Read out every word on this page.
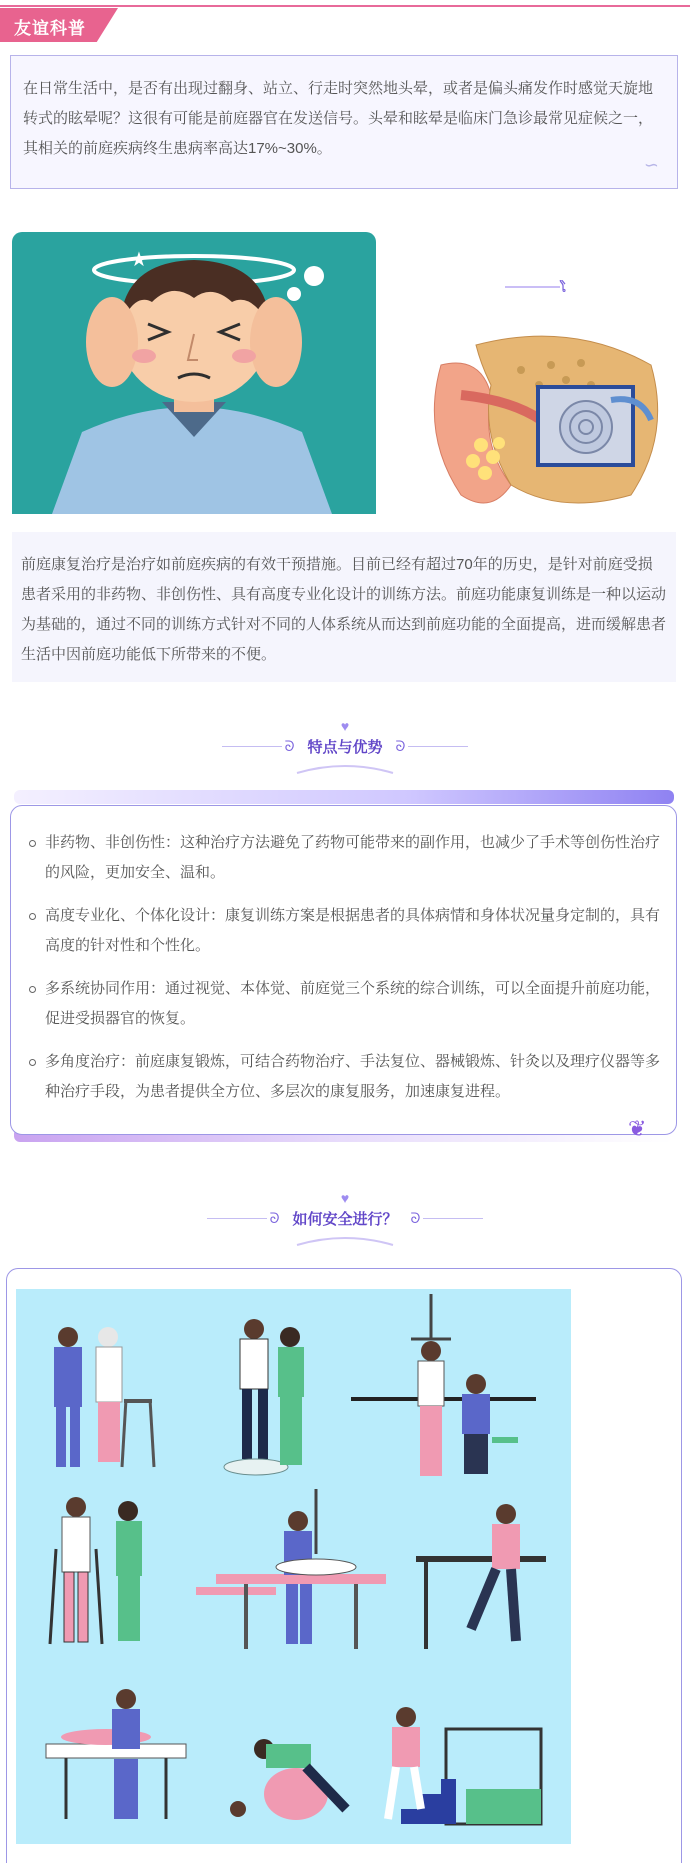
友谊科普
在日常生活中，是否有出现过翻身、站立、行走时突然地头晕，或者是偏头痛发作时感觉天旋地转式的眩晕呢？这很有可能是前庭器官在发送信号。头晕和眩晕是临床门急诊最常见症候之一，其相关的前庭疾病终生患病率高达17%~30%。
∽
★
ໂ
前庭康复治疗是治疗如前庭疾病的有效干预措施。目前已经有超过70年的历史，是针对前庭受损患者采用的非药物、非创伤性、具有高度专业化设计的训练方法。前庭功能康复训练是一种以运动为基础的，通过不同的训练方式针对不同的人体系统从而达到前庭功能的全面提高，进而缓解患者生活中因前庭功能低下所带来的不便。
♥
ᘐ 特点与优势 ᘐ
非药物、非创伤性：这种治疗方法避免了药物可能带来的副作用，也减少了手术等创伤性治疗的风险，更加安全、温和。
高度专业化、个体化设计：康复训练方案是根据患者的具体病情和身体状况量身定制的，具有高度的针对性和个性化。
多系统协同作用：通过视觉、本体觉、前庭觉三个系统的综合训练，可以全面提升前庭功能，促进受损器官的恢复。
多角度治疗：前庭康复锻炼，可结合药物治疗、手法复位、器械锻炼、针灸以及理疗仪器等多种治疗手段，为患者提供全方位、多层次的康复服务，加速康复进程。
❦
♥
ᘐ 如何安全进行？ ᘐ
